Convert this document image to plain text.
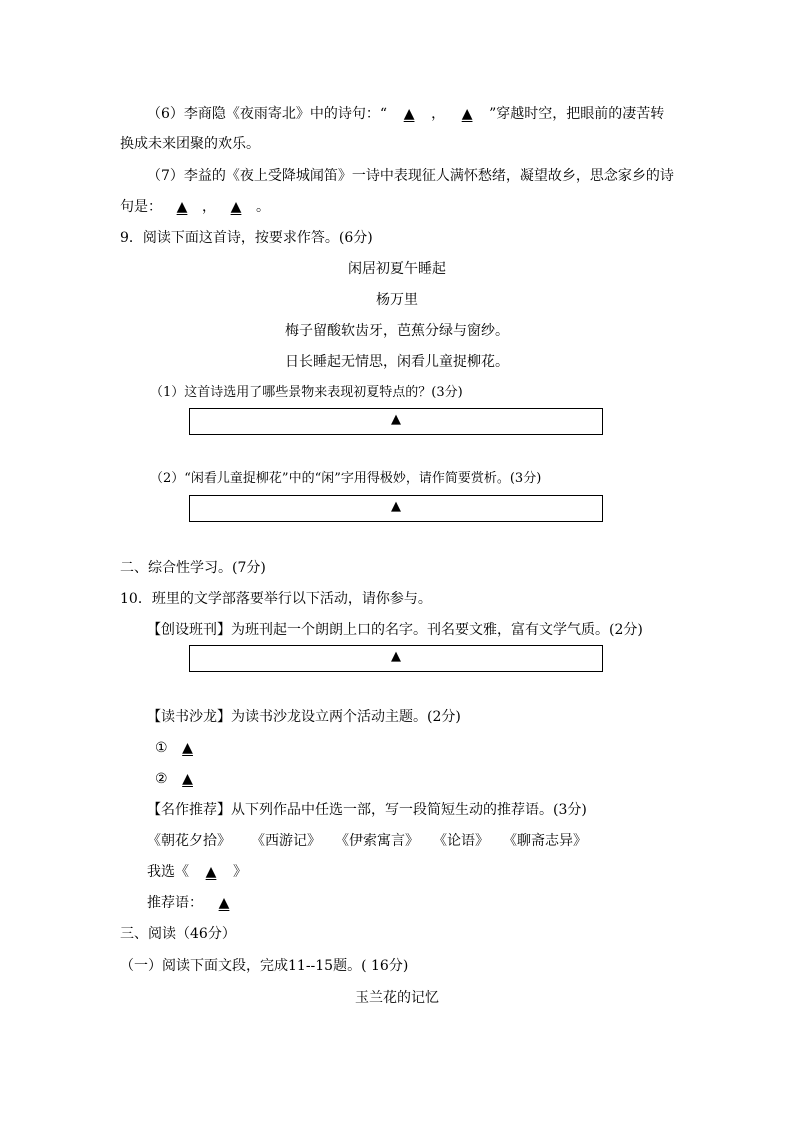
（6）李商隐《夜雨寄北》中的诗句：“ ▲ ， ▲ ”穿越时空，把眼前的凄苦转
换成未来团聚的欢乐。
（7）李益的《夜上受降城闻笛》一诗中表现征人满怀愁绪，凝望故乡，思念家乡的诗
句是： ▲ ， ▲ 。
9．阅读下面这首诗，按要求作答。(6分)
闲居初夏午睡起
杨万里
梅子留酸软齿牙，芭蕉分绿与窗纱。
日长睡起无情思，闲看儿童捉柳花。
（1）这首诗选用了哪些景物来表现初夏特点的？(3分)
▲
（2）“闲看儿童捉柳花”中的“闲”字用得极妙，请作简要赏析。(3分)
▲
二、综合性学习。(7分)
10．班里的文学部落要举行以下活动，请你参与。
【创设班刊】为班刊起一个朗朗上口的名字。刊名要文雅，富有文学气质。(2分)
▲
【读书沙龙】为读书沙龙设立两个活动主题。(2分)
① ▲
② ▲
【名作推荐】从下列作品中任选一部，写一段简短生动的推荐语。(3分)
《朝花夕拾》 《西游记》 《伊索寓言》 《论语》 《聊斋志异》
我选《 ▲ 》
推荐语： ▲
三、阅读（46分）
（一）阅读下面文段，完成11--15题。( 16分)
玉兰花的记忆
